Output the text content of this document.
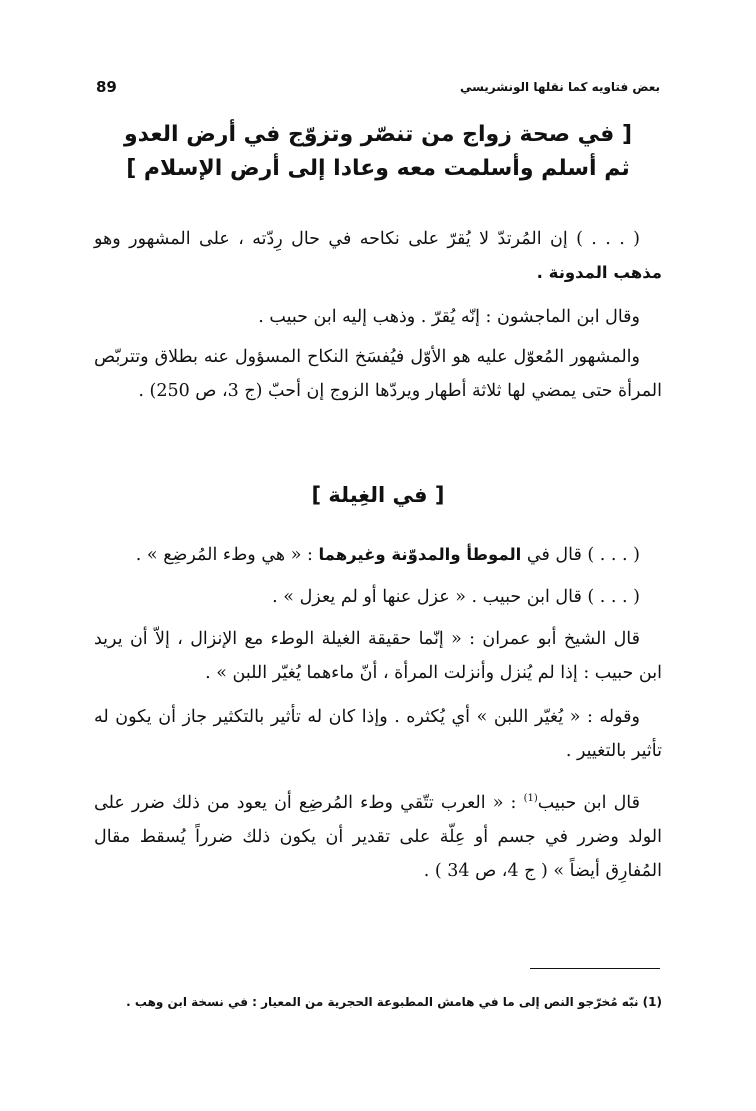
89	بعض فتاويه كما نقلها الونشريسي
[ في صحة زواج من تنصّر وتزوّج في أرض العدو
ثم أسلم وأسلمت معه وعادا إلى أرض الإسلام ]
( . . . ) إن المُرتدّ لا يُقرّ على نكاحه في حال رِدّته ، على المشهور وهو مذهب المدونة .
وقال ابن الماجشون : إنّه يُقرّ . وذهب إليه ابن حبيب .
والمشهور المُعوّل عليه هو الأوّل فيُفسَخ النكاح المسؤول عنه بطلاق وتتربّص المرأة حتى يمضي لها ثلاثة أطهار ويردّها الزوج إن أحبّ (ج 3، ص 250) .
[ في الغِيلة ]
( . . . ) قال في الموطأ والمدوّنة وغيرهما : « هي وطء المُرضِع » .
( . . . ) قال ابن حبيب . « عزل عنها أو لم يعزل » .
قال الشيخ أبو عمران : « إنّما حقيقة الغيلة الوطء مع الإنزال ، إلاّ أن يريد ابن حبيب : إذا لم يُنزل وأنزلت المرأة ، أنّ ماءهما يُغيّر اللبن » .
وقوله : « يُغيّر اللبن » أي يُكثره . وإذا كان له تأثير بالتكثير جاز أن يكون له تأثير بالتغيير .
قال ابن حبيب$^{(1)}$ : « العرب تتّقي وطء المُرضِع أن يعود من ذلك ضرر على الولد وضرر في جسم أو عِلّة على تقدير أن يكون ذلك ضرراً يُسقط مقال المُفارِق أيضاً » ( ج 4، ص 34 ) .
(1) نبّه مُخرّجو النص إلى ما في هامش المطبوعة الحجرية من المعيار : في نسخة ابن وهب .
